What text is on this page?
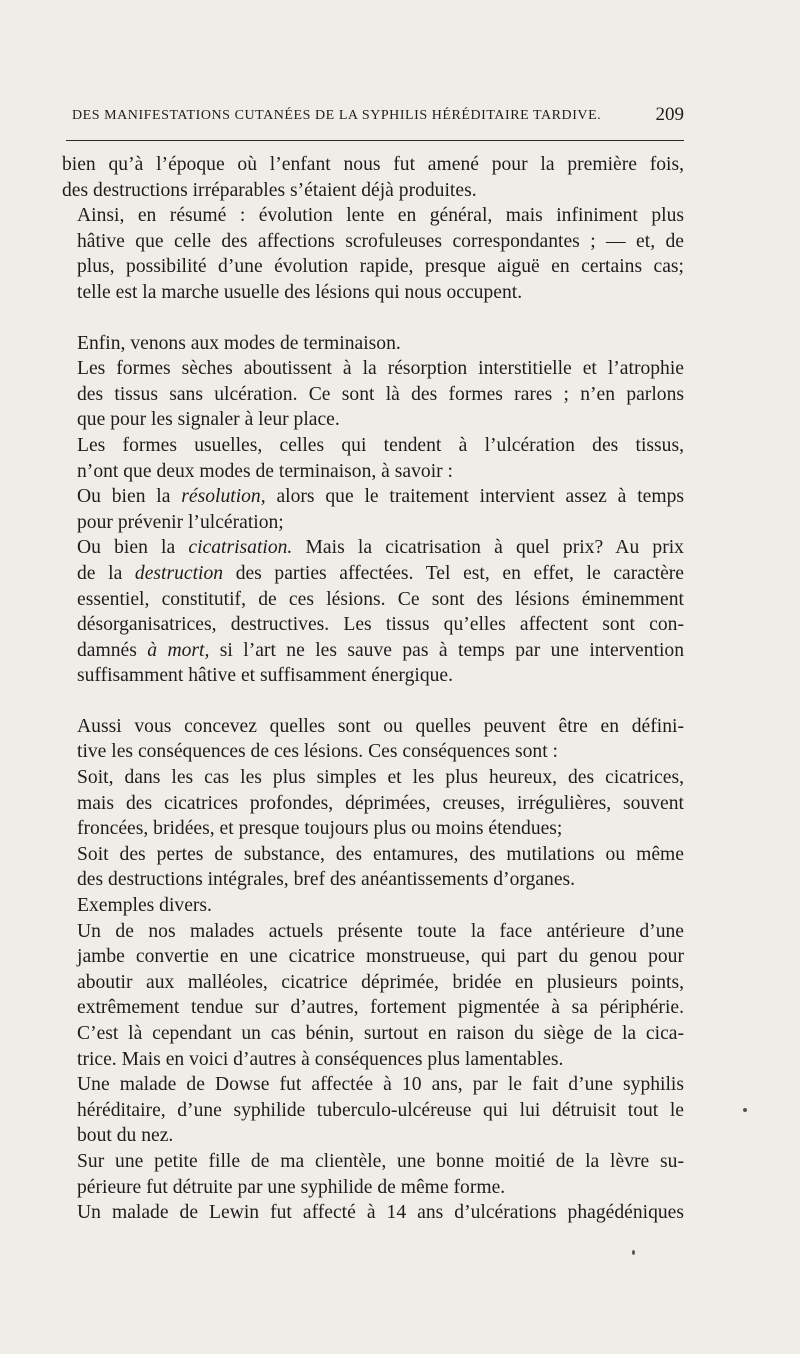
DES MANIFESTATIONS CUTANÉES DE LA SYPHILIS HÉRÉDITAIRE TARDIVE.	209

bien qu’à l’époque où l’enfant nous fut amené pour la première fois,
des destructions irréparables s’étaient déjà produites.

Ainsi, en résumé : évolution lente en général, mais infiniment plus
hâtive que celle des affections scrofuleuses correspondantes ; — et, de
plus, possibilité d’une évolution rapide, presque aiguë en certains cas;
telle est la marche usuelle des lésions qui nous occupent.

Enfin, venons aux modes de terminaison.

Les formes sèches aboutissent à la résorption interstitielle et l’atrophie
des tissus sans ulcération. Ce sont là des formes rares ; n’en parlons
que pour les signaler à leur place.

Les formes usuelles, celles qui tendent à l’ulcération des tissus,
n’ont que deux modes de terminaison, à savoir :

Ou bien la résolution, alors que le traitement intervient assez à temps
pour prévenir l’ulcération;

Ou bien la cicatrisation. Mais la cicatrisation à quel prix? Au prix
de la destruction des parties affectées. Tel est, en effet, le caractère
essentiel, constitutif, de ces lésions. Ce sont des lésions éminemment
désorganisatrices, destructives. Les tissus qu’elles affectent sont con-
damnés à mort, si l’art ne les sauve pas à temps par une intervention
suffisamment hâtive et suffisamment énergique.

Aussi vous concevez quelles sont ou quelles peuvent être en défini-
tive les conséquences de ces lésions. Ces conséquences sont :

Soit, dans les cas les plus simples et les plus heureux, des cicatrices,
mais des cicatrices profondes, déprimées, creuses, irrégulières, souvent
froncées, bridées, et presque toujours plus ou moins étendues;

Soit des pertes de substance, des entamures, des mutilations ou même
des destructions intégrales, bref des anéantissements d’organes.

Exemples divers.

Un de nos malades actuels présente toute la face antérieure d’une
jambe convertie en une cicatrice monstrueuse, qui part du genou pour
aboutir aux malléoles, cicatrice déprimée, bridée en plusieurs points,
extrêmement tendue sur d’autres, fortement pigmentée à sa périphérie.
C’est là cependant un cas bénin, surtout en raison du siège de la cica-
trice. Mais en voici d’autres à conséquences plus lamentables.

Une malade de Dowse fut affectée à 10 ans, par le fait d’une syphilis
héréditaire, d’une syphilide tuberculo-ulcéreuse qui lui détruisit tout le
bout du nez.

Sur une petite fille de ma clientèle, une bonne moitié de la lèvre su-
périeure fut détruite par une syphilide de même forme.

Un malade de Lewin fut affecté à 14 ans d’ulcérations phagédéniques
